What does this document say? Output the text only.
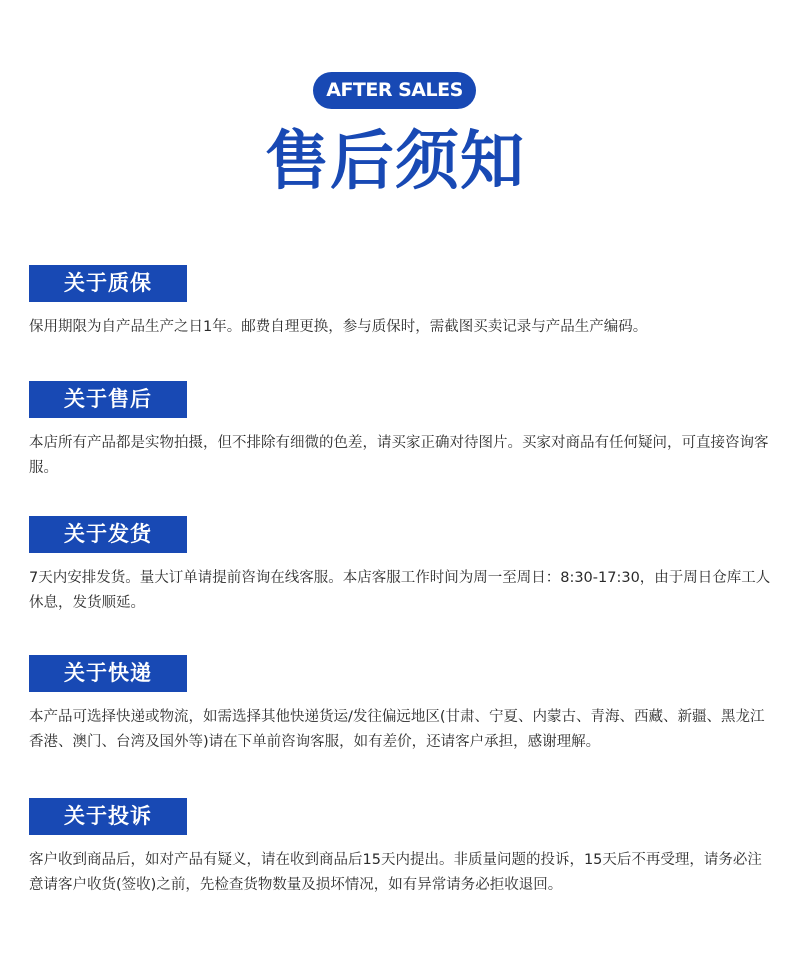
AFTER SALES
售后须知
关于质保
保用期限为自产品生产之日1年。邮费自理更换，参与质保时，需截图买卖记录与产品生产编码。
关于售后
本店所有产品都是实物拍摄，但不排除有细微的色差，请买家正确对待图片。买家对商品有任何疑问，可直接咨询客服。
关于发货
7天内安排发货。量大订单请提前咨询在线客服。本店客服工作时间为周一至周日：8:30-17:30，由于周日仓库工人休息，发货顺延。
关于快递
本产品可选择快递或物流，如需选择其他快递货运/发往偏远地区(甘肃、宁夏、内蒙古、青海、西藏、新疆、黑龙江香港、澳门、台湾及国外等)请在下单前咨询客服，如有差价，还请客户承担，感谢理解。
关于投诉
客户收到商品后，如对产品有疑义，请在收到商品后15天内提出。非质量问题的投诉，15天后不再受理，请务必注意请客户收货(签收)之前，先检查货物数量及损坏情况，如有异常请务必拒收退回。
